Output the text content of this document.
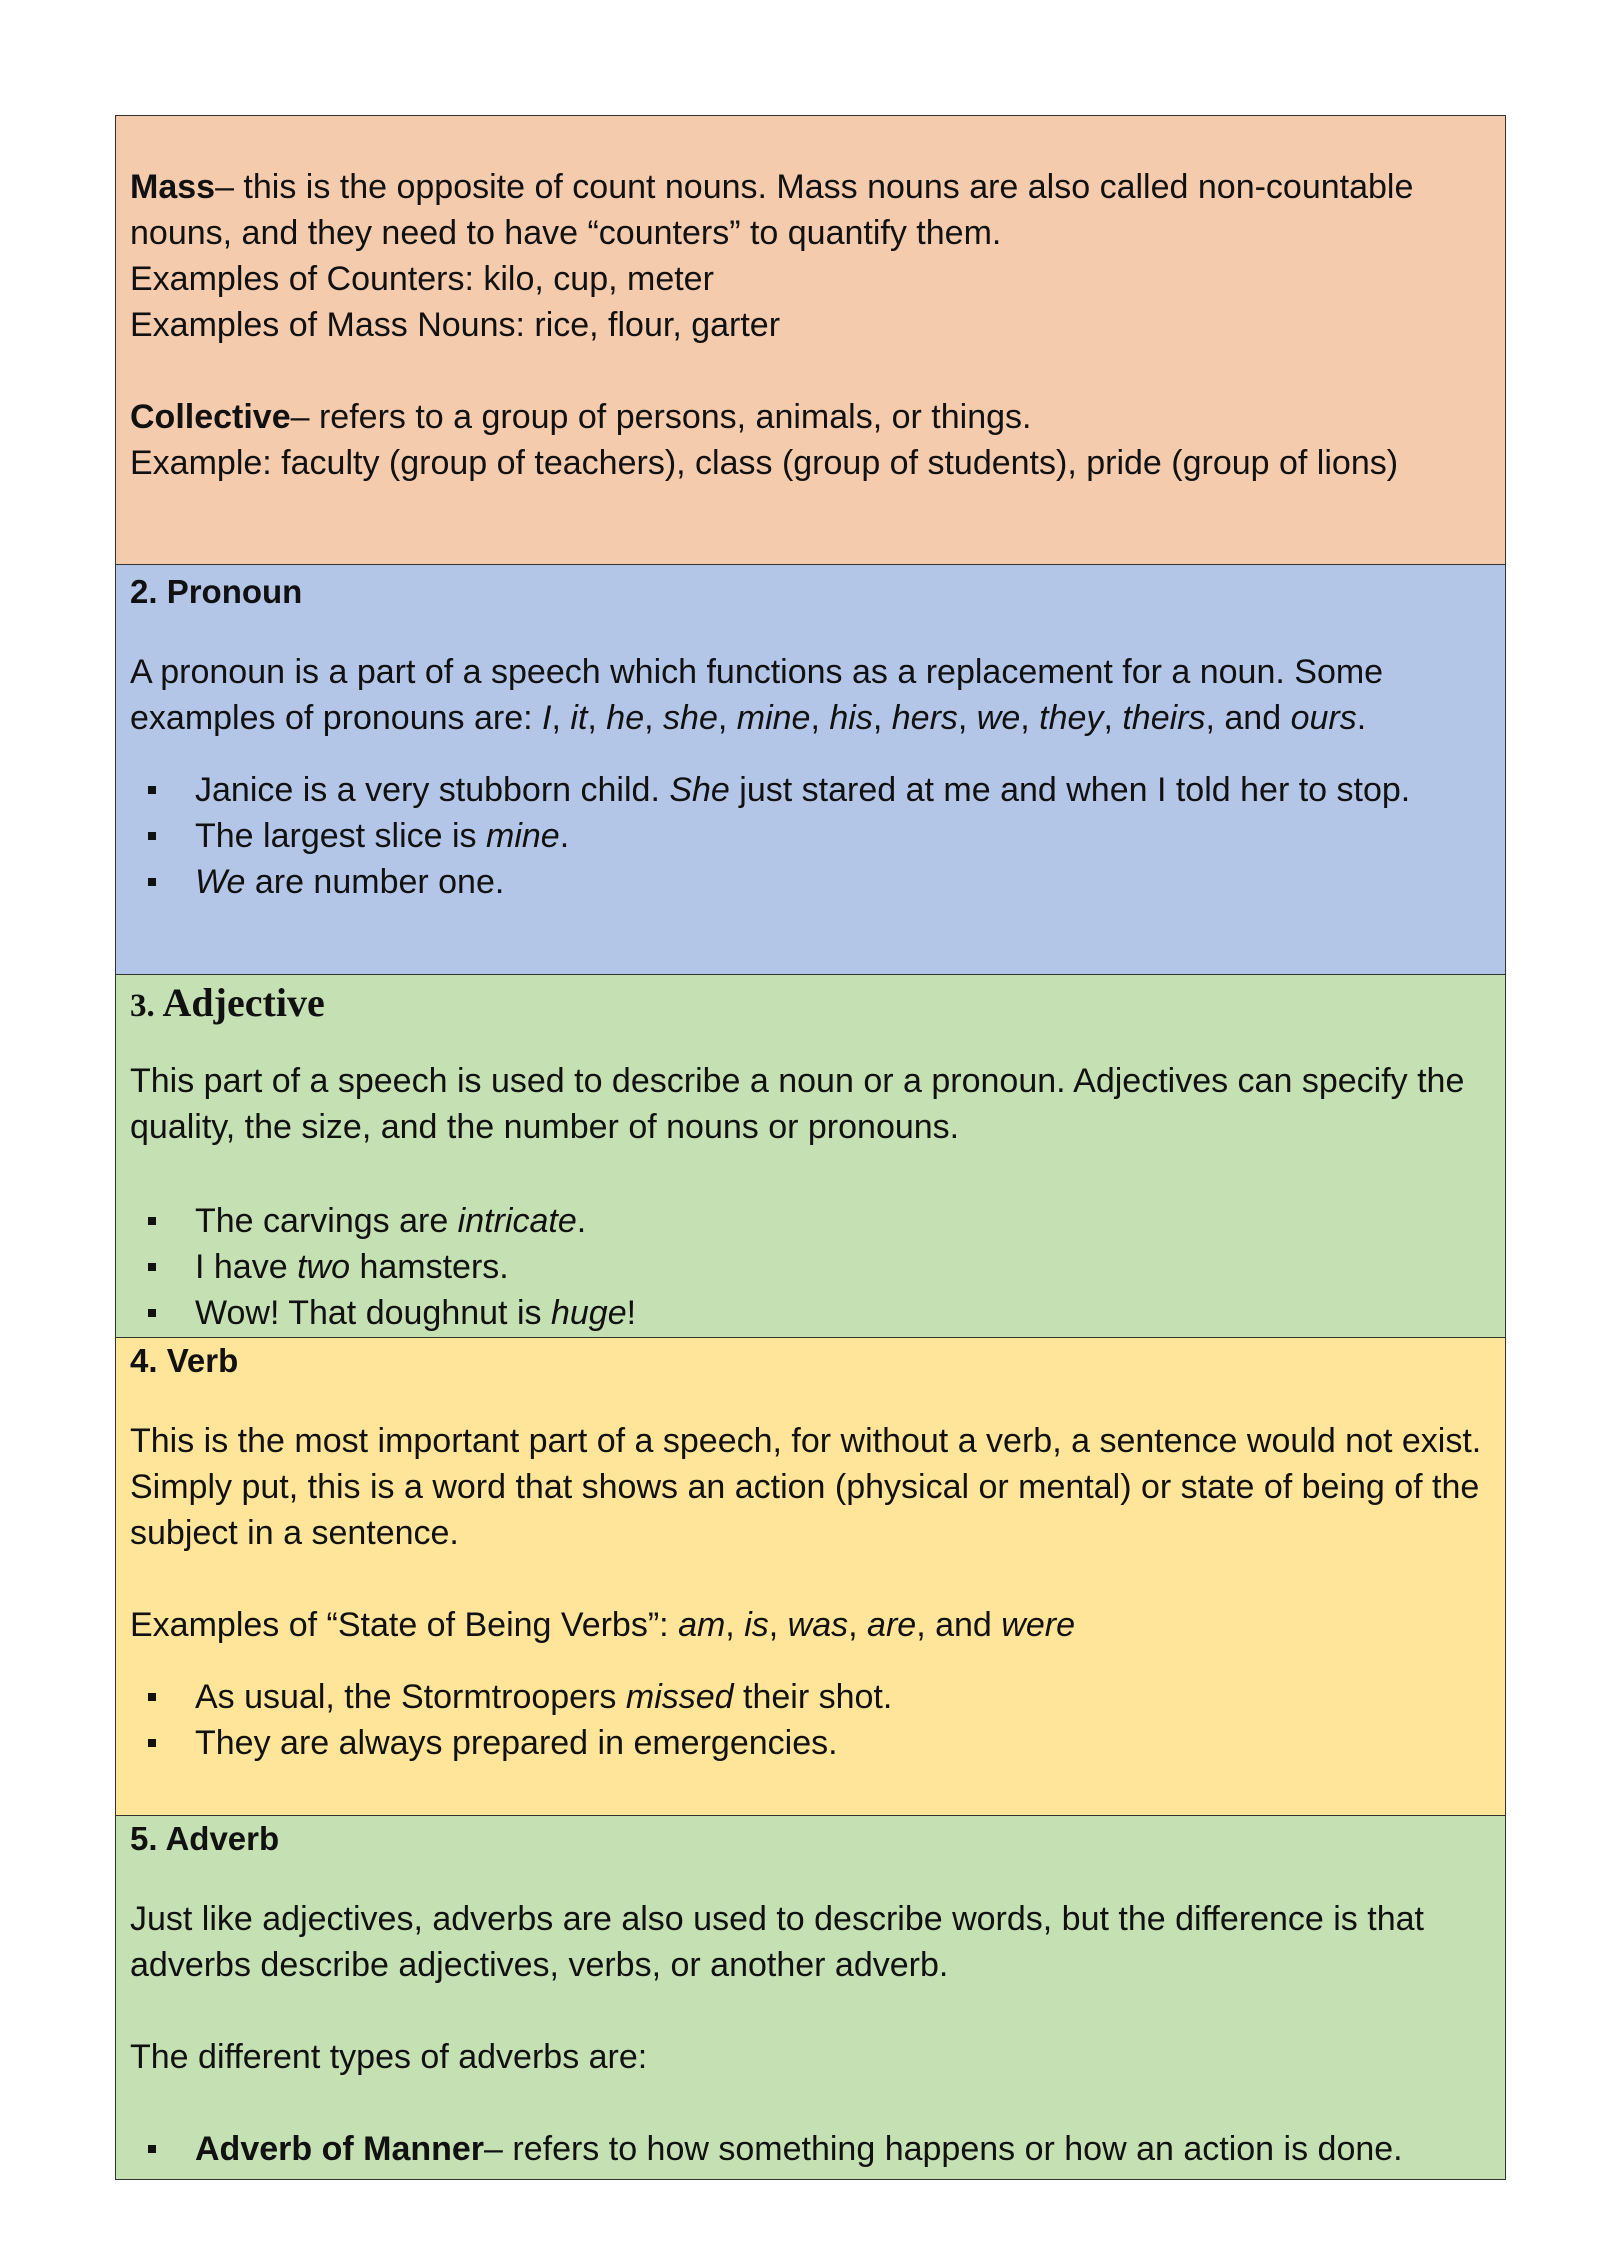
Mass– this is the opposite of count nouns. Mass nouns are also called non-countable nouns, and they need to have “counters” to quantify them.

Examples of Counters: kilo, cup, meter

Examples of Mass Nouns: rice, flour, garter

Collective– refers to a group of persons, animals, or things.

Example: faculty (group of teachers), class (group of students), pride (group of lions)

2. Pronoun

A pronoun is a part of a speech which functions as a replacement for a noun. Some examples of pronouns are: I, it, he, she, mine, his, hers, we, they, theirs, and ours.

Janice is a very stubborn child. She just stared at me and when I told her to stop.
The largest slice is mine.
We are number one.

3. Adjective

This part of a speech is used to describe a noun or a pronoun. Adjectives can specify the quality, the size, and the number of nouns or pronouns.

The carvings are intricate.
I have two hamsters.
Wow! That doughnut is huge!

4. Verb

This is the most important part of a speech, for without a verb, a sentence would not exist. Simply put, this is a word that shows an action (physical or mental) or state of being of the subject in a sentence.

Examples of “State of Being Verbs”: am, is, was, are, and were

As usual, the Stormtroopers missed their shot.
They are always prepared in emergencies.

5. Adverb

Just like adjectives, adverbs are also used to describe words, but the difference is that adverbs describe adjectives, verbs, or another adverb.

The different types of adverbs are:

Adverb of Manner– refers to how something happens or how an action is done.
